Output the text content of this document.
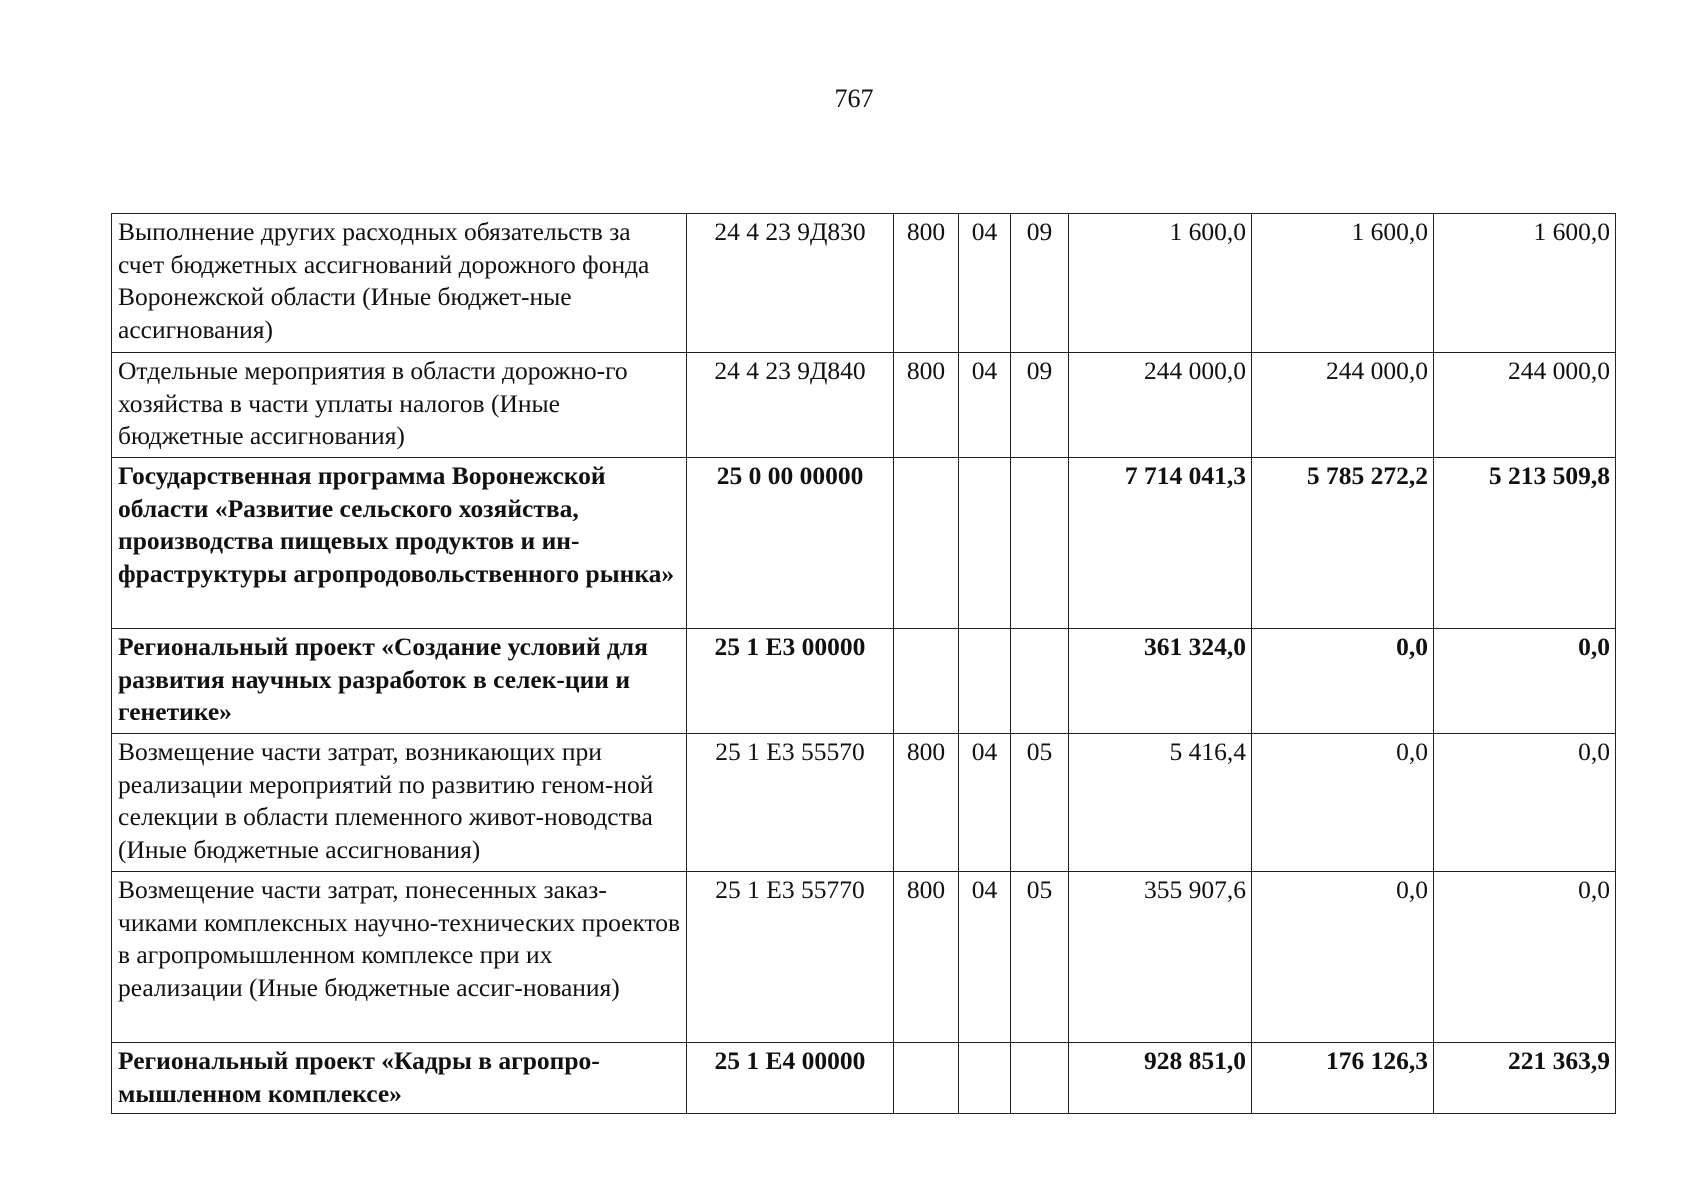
767
Выполнение других расходных обязательств за счет бюджетных ассигнований дорожного фонда Воронежской области (Иные бюджет-ные ассигнования)	24 4 23 9Д830	800	04	09	1 600,0	1 600,0	1 600,0
Отдельные мероприятия в области дорожно-го хозяйства в части уплаты налогов (Иные бюджетные ассигнования)	24 4 23 9Д840	800	04	09	244 000,0	244 000,0	244 000,0
Государственная программа Воронежской области «Развитие сельского хозяйства, производства пищевых продуктов и ин-фраструктуры агропродовольственного рынка»	25 0 00 00000				7 714 041,3	5 785 272,2	5 213 509,8
Региональный проект «Создание условий для развития научных разработок в селек-ции и генетике»	25 1 E3 00000				361 324,0	0,0	0,0
Возмещение части затрат, возникающих при реализации мероприятий по развитию геном-ной селекции в области племенного живот-новодства (Иные бюджетные ассигнования)	25 1 E3 55570	800	04	05	5 416,4	0,0	0,0
Возмещение части затрат, понесенных заказ-чиками комплексных научно-технических проектов в агропромышленном комплексе при их реализации (Иные бюджетные ассиг-нования)	25 1 E3 55770	800	04	05	355 907,6	0,0	0,0
Региональный проект «Кадры в агропро-мышленном комплексе»	25 1 E4 00000				928 851,0	176 126,3	221 363,9
